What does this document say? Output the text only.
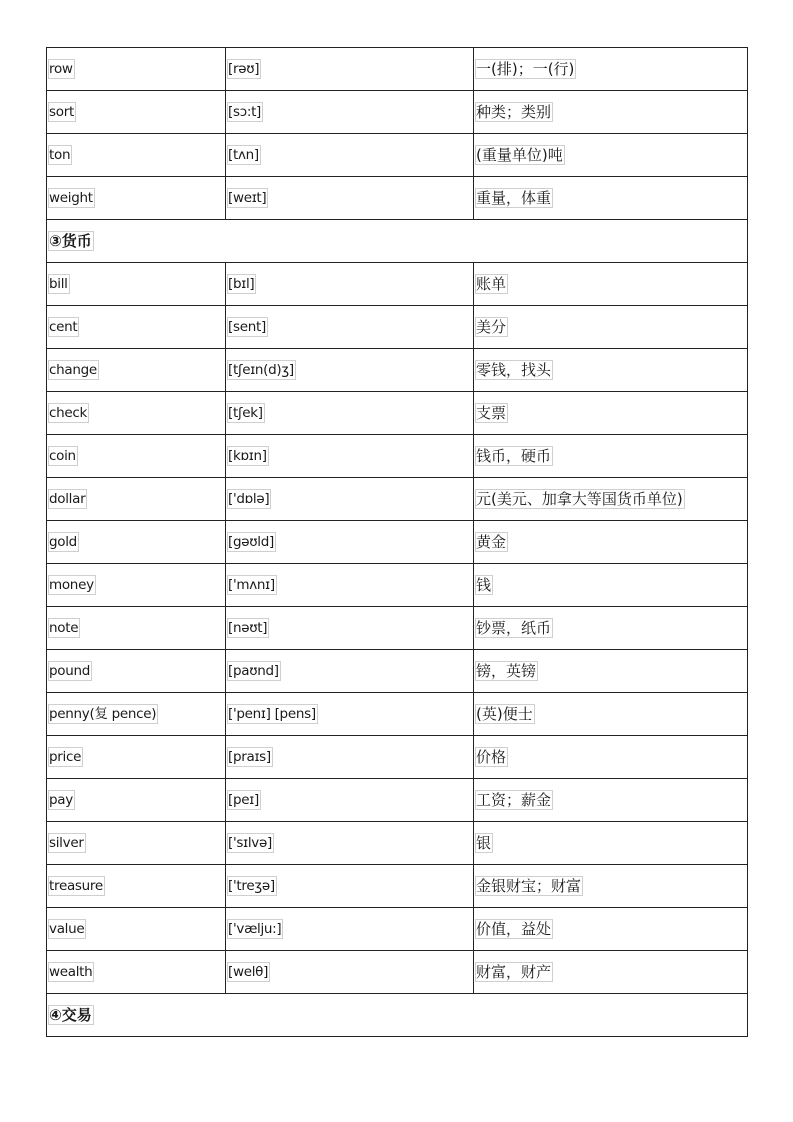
row	[rəʊ]	一(排)；一(行)
sort	[sɔ:t]	种类；类别
ton	[tʌn]	(重量单位)吨
weight	[weɪt]	重量，体重
③货币		
bill	[bɪl]	账单
cent	[sent]	美分
change	[tʃeɪn(d)ʒ]	零钱，找头
check	[tʃek]	支票
coin	[kɒɪn]	钱币，硬币
dollar	['dɒlə]	元(美元、加拿大等国货币单位)
gold	[gəʊld]	黄金
money	['mʌnɪ]	钱
note	[nəʊt]	钞票，纸币
pound	[paʊnd]	镑，英镑
penny(复 pence)	['penɪ] [pens]	(英)便士
price	[praɪs]	价格
pay	[peɪ]	工资；薪金
silver	['sɪlvə]	银
treasure	['treʒə]	金银财宝；财富
value	['vælju:]	价值，益处
wealth	[welθ]	财富，财产
④交易		
